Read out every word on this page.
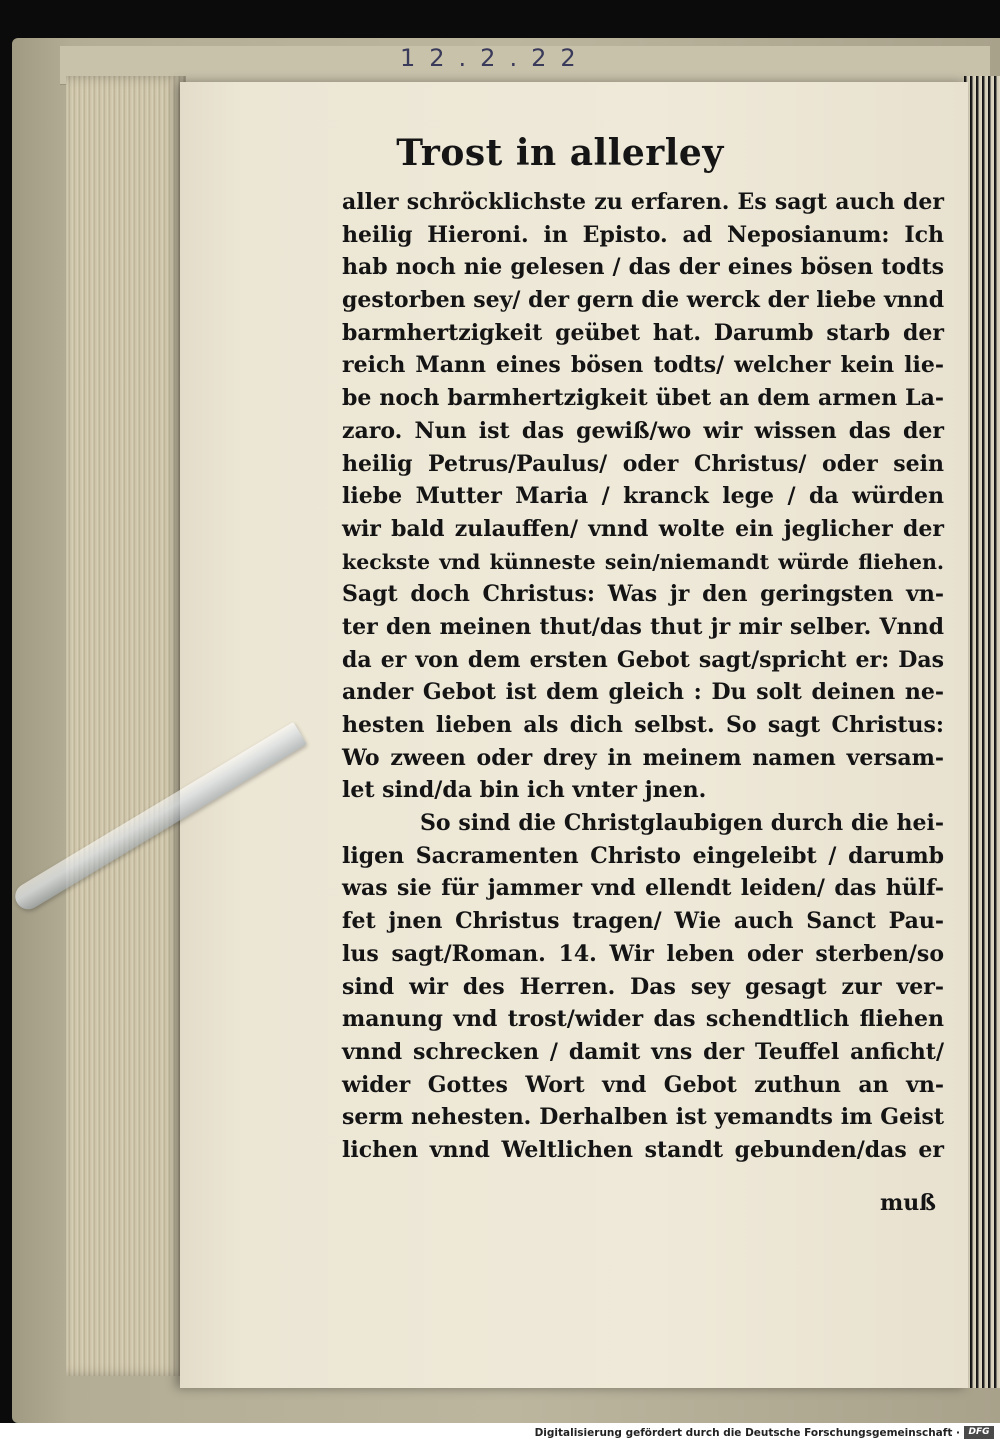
12.2.22
Trost in allerley
aller schröcklichste zu erfaren. Es sagt auch der
heilig Hieroni. in Episto. ad Neposianum: Ich
hab noch nie gelesen / das der eines bösen todts
gestorben sey/ der gern die werck der liebe vnnd
barmhertzigkeit geübet hat. Darumb starb der
reich Mann eines bösen todts/ welcher kein lie-
be noch barmhertzigkeit übet an dem armen La-
zaro. Nun ist das gewiß/wo wir wissen das der
heilig Petrus/Paulus/ oder Christus/ oder sein
liebe Mutter Maria / kranck lege / da würden
wir bald zulauffen/ vnnd wolte ein jeglicher der
keckste vnd künneste sein/niemandt würde fliehen.
Sagt doch Christus: Was jr den geringsten vn-
ter den meinen thut/das thut jr mir selber. Vnnd
da er von dem ersten Gebot sagt/spricht er: Das
ander Gebot ist dem gleich : Du solt deinen ne-
hesten lieben als dich selbst. So sagt Christus:
Wo zween oder drey in meinem namen versam-
let sind/da bin ich vnter jnen.
So sind die Christglaubigen durch die hei-
ligen Sacramenten Christo eingeleibt / darumb
was sie für jammer vnd ellendt leiden/ das hülf-
fet jnen Christus tragen/ Wie auch Sanct Pau-
lus sagt/Roman. 14. Wir leben oder sterben/so
sind wir des Herren. Das sey gesagt zur ver-
manung vnd trost/wider das schendtlich fliehen
vnnd schrecken / damit vns der Teuffel anficht/
wider Gottes Wort vnd Gebot zuthun an vn-
serm nehesten. Derhalben ist yemandts im Geist
lichen vnnd Weltlichen standt gebunden/das er
muß
Digitalisierung gefördert durch die Deutsche Forschungsgemeinschaft · DFG
